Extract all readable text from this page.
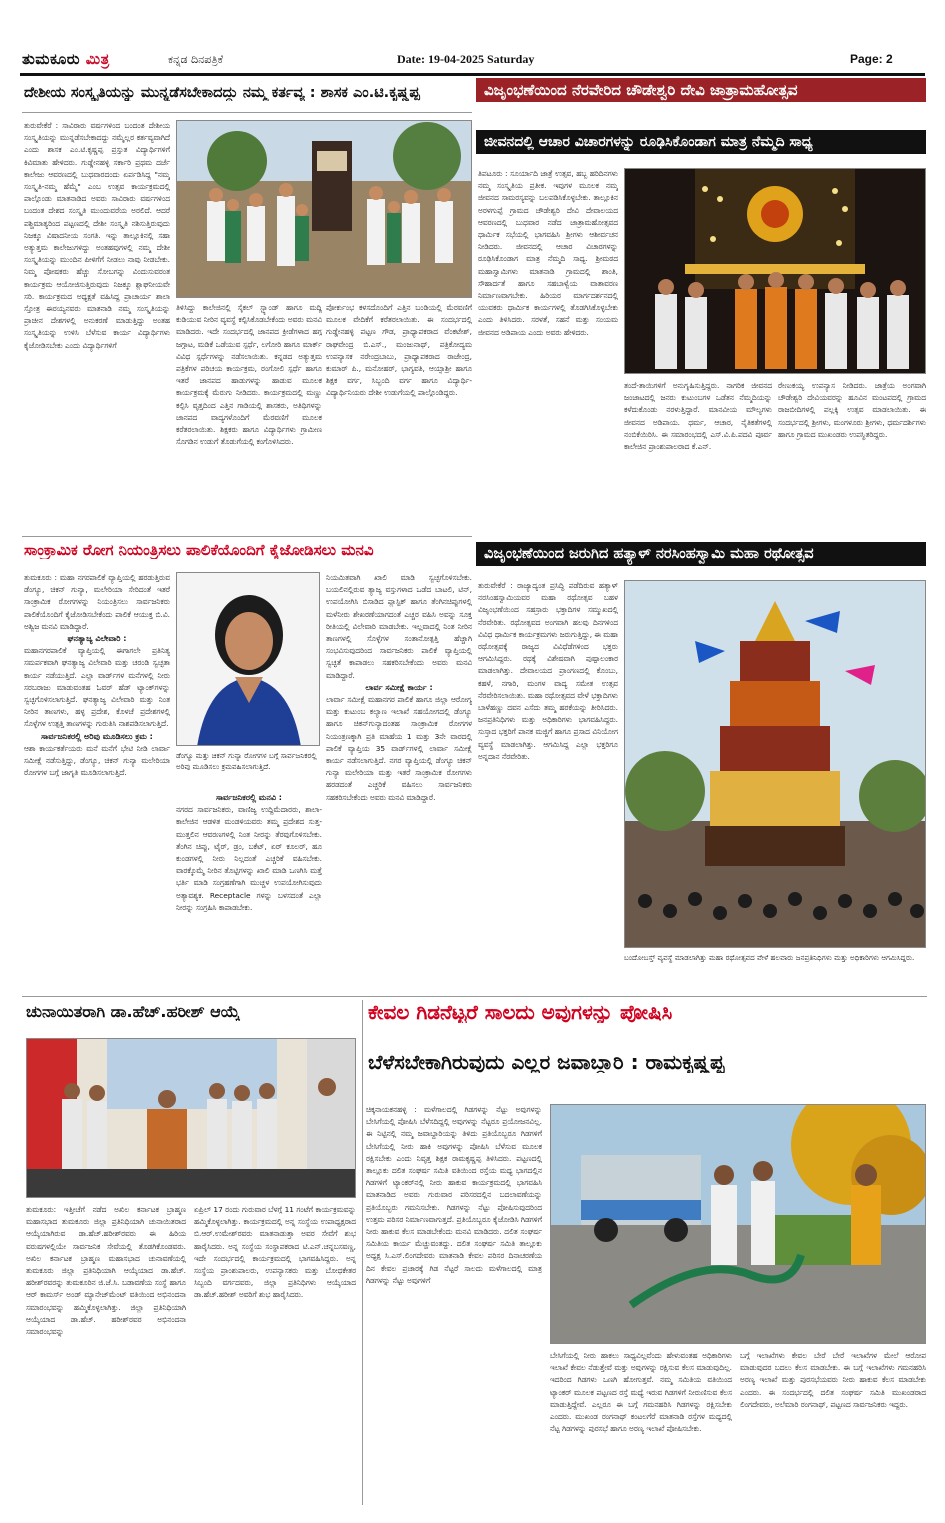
ತುಮಕೂರು ಮಿತ್ರ	ಕನ್ನಡ ದಿನಪತ್ರಿಕೆ	Date: 19-04-2025 Saturday	Page: 2
ದೇಶೀಯ ಸಂಸ್ಕೃತಿಯನ್ನು ಮುನ್ನಡೆಸಬೇಕಾದದ್ದು ನಮ್ಮ ಕರ್ತವ್ಯ : ಶಾಸಕ ಎಂ.ಟಿ.ಕೃಷ್ಣಪ್ಪ
ತುರುವೇಕೆರೆ : ಸಾವಿರಾರು ವರ್ಷಗಳಿಂದ ಬಂದಂತ ದೇಶೀಯ ಸಂಸ್ಕೃತಿಯನ್ನು ಮುನ್ನಡೆಸಬೇಕಾದದ್ದು ನಮ್ಮೆಲ್ಲರ ಕರ್ತವ್ಯವಾಗಿದೆ ಎಂದು ಶಾಸಕ ಎಂ.ಟಿ.ಕೃಷ್ಣಪ್ಪ ಪ್ರಸ್ತುತ ವಿದ್ಯಾರ್ಥಿಗಳಿಗೆ ಕಿವಿಮಾತು ಹೇಳಿದರು. ಗುಡ್ಡೇನಹಳ್ಳಿ ಸರ್ಕಾರಿ ಪ್ರಥಮ ದರ್ಜೆ ಕಾಲೇಜು ಆವರಣದಲ್ಲಿ ಬುಧವಾರದಂದು ಏರ್ಪಡಿಸಿದ್ದ "ನಮ್ಮ ಸಂಸ್ಕೃತಿ-ನಮ್ಮ ಹೆಮ್ಮೆ" ಎಂಬ ಉತ್ಸವ ಕಾರ್ಯಕ್ರಮದಲ್ಲಿ ಪಾಲ್ಗೊಂಡು ಮಾತನಾಡಿದ ಅವರು ಸಾವಿರಾರು ವರ್ಷಗಳಿಂದ ಬಂದಂತ ದೇಶದ ಸಂಸ್ಕೃತಿ ಮುಂದುವರೆಯ ಅರಲಿದೆ. ಆದರೆ ಪಶ್ಚಿಮಾತ್ಯರಿಂದ ಪಟ್ಟಣದಲ್ಲಿ ದೇಶೀ ಸಂಸ್ಕೃತಿ ನಶಿಸುತ್ತಿರುವುದು ನಿಜಕ್ಕೂ ವಿಷಾದನೀಯ ಸಂಗತಿ. ಇನ್ನು ತಾಲ್ಲೂಕಿನಲ್ಲಿ ಸಹಾ ಅತ್ಯುತ್ತಮ ಕಾಲೇಜುಗಳಿದ್ದು ಅಂತಹವುಗಳಲ್ಲಿ ನಮ್ಮ ದೇಶೀ ಸಂಸ್ಕೃತಿಯನ್ನು ಮುಂದಿನ ಪೀಳಿಗೆಗೆ ನೀಡಲು ನಾವು ನೀಡಬೇಕು. ನಿಮ್ಮ ಪೋಷಕರು ಹೆಚ್ಚು ಸೋಬಗನ್ನು ವಿಂದುಸುವರಂತ ಕಾರ್ಯಕ್ರಮ ಆಯೋಜಿಸುತ್ತಿರುವುದು ನಿಜಕ್ಕೂ ಶ್ಲಾಘನೀಯವೇ ಸರಿ. ಕಾರ್ಯಕ್ರಮದ ಅಧ್ಯಕ್ಷತೆ ವಹಿಸಿದ್ದ ಪ್ರಾಚಾರ್ಯ ಶಾಲಾ ಸ್ತೋತ್ರ ಈರಯ್ಯನವರು ಮಾತನಾಡಿ ನಮ್ಮ ಸಂಸ್ಕೃತಿಯನ್ನು ಪ್ರಾಚೀನ ದೇಶಗಳಲ್ಲಿ ಅನುಕರಣೆ ಮಾಡುತ್ತಿದ್ದು ಅಂತಹ ಸಂಸ್ಕೃತಿಯನ್ನು ಉಳಿಸಿ ಬೆಳೆಸುವ ಕಾರ್ಯ ವಿದ್ಯಾರ್ಥಿಗಳು ಕೈಜೋಡಿಸಬೇಕು ಎಂದು ವಿದ್ಯಾರ್ಥಿಗಳಿಗೆ
ತಿಳಿಸಿದ್ದು ಕಾಲೇಜಿನಲ್ಲಿ ಸೈಕಲ್ ಸ್ಟ್ಯಾಂಡ್ ಹಾಗೂ ಮದ್ದಿ ಕುಡಿಯುವ ನೀರಿನ ವ್ಯವಸ್ಥೆ ಕಲ್ಪಿಸಿಕೊಡಬೇಕೆಂದು ಅವರು ಮನವಿ ಮಾಡಿದರು. ಇದೇ ಸಂದರ್ಭದಲ್ಲಿ ಜಾನಪದ ಕ್ರೀಡೆಗಳಾದ ಹಗ್ಗ ಜಗ್ಗಾಟ, ಮಡಿಕೆ ಒಡೆಯುವ ಸ್ಪರ್ಧೆ, ಲಗೋರಿ ಹಾಗೂ ಮಾರ್ಕ್ ವಿವಿಧ ಸ್ಪರ್ಧೆಗಳನ್ನು ನಡೆಸಲಾಯಿತು. ಕನ್ನಡದ ಅತ್ಯುತ್ತಮ ಪತ್ರಿಕೆಗಳ ಪರಿಚಯ ಕಾರ್ಯಕ್ರಮ, ರಂಗೋಲಿ ಸ್ಪರ್ಧೆ ಹಾಗೂ ಇತರೆ ಜಾನಪದ ಹಾಡುಗಳನ್ನು ಹಾಡುವ ಮೂಲಕ ಕಾರ್ಯಕ್ರಮಕ್ಕೆ ಮೆರುಗು ನೀಡಿದರು. ಕಾರ್ಯಕ್ರಮದಲ್ಲಿ ಮಣ್ಣು ಕಲ್ಪಿಸಿ ವೃತ್ತದಿಂದ ಎತ್ತಿನ ಗಾಡಿಯಲ್ಲಿ ಶಾಸಕರು, ಅತಿಥಿಗಳನ್ನು ಜಾನಪದ ವಾದ್ಯಗಳೊಂದಿಗೆ ಮೆರವಣಿಗೆ ಮೂಲಕ ಕರೆತರಲಾಯಿತು. ಶಿಕ್ಷಕರು ಹಾಗೂ ವಿದ್ಯಾರ್ಥಿಗಳು ಗ್ರಾಮೀಣ ಸೊಗಡಿನ ಉಡುಗೆ ತೊಡುಗೆಯಲ್ಲಿ ಕಂಗೊಳಿಸಿದರು.
ಪೋರ್ಕುಂಭ ಕಳಸದೊಂದಿಗೆ ಎತ್ತಿನ ಬಂಡಿಯಲ್ಲಿ ಮೆರವಣಿಗೆ ಮೂಲಕ ವೇದಿಕೆಗೆ ಕರೆತರಲಾಯಿತು. ಈ ಸಂದರ್ಭದಲ್ಲಿ ಗುಡ್ಡೇನಹಳ್ಳಿ ಪಟ್ಟಣ ಗೌಡ, ಪ್ರಾಧ್ಯಾಪಕರಾದ ವೆಂಕಟೇಶ್, ರಾಘವೇಂದ್ರ ಬಿ.ಎಸ್., ಮಂಜುನಾಥ್, ಪತ್ರಿಕೋದ್ಯಮ ಉಪನ್ಯಾಸಕ ನರೇಂದ್ರಬಾಬು, ಪ್ರಾಧ್ಯಾಪಕರಾದ ರಾಜೇಂದ್ರ, ಕುಮಾರ್ ಪಿ., ಮನೋಹರ್, ಭಾಗ್ಯವತಿ, ಆಯ್ಸಾಶ್ರೀ ಹಾಗೂ ಶಿಕ್ಷಕ ವರ್ಗ, ಸಿಬ್ಬಂದಿ ವರ್ಗ ಹಾಗೂ ವಿದ್ಯಾರ್ಥಿ-ವಿದ್ಯಾರ್ಥಿನಿಯರು ದೇಶೀ ಉಡುಗೆಯಲ್ಲಿ ಪಾಲ್ಗೊಂಡಿದ್ದರು.
ವಿಜೃಂಭಣೆಯಿಂದ ನೆರವೇರಿದ ಚೌಡೇಶ್ವರಿ ದೇವಿ ಜಾತ್ರಾಮಹೋತ್ಸವ
ಜೀವನದಲ್ಲಿ ಆಚಾರ ವಿಚಾರಗಳನ್ನು ರೂಢಿಸಿಕೊಂಡಾಗ ಮಾತ್ರ ನೆಮ್ಮದಿ ಸಾಧ್ಯ
ತಿಪಟೂರು : ಸೂರ್ಯಾದಿ ಜಾತ್ರೆ ಉತ್ಸವ, ಹಬ್ಬ ಹರಿದಿನಗಳು ನಮ್ಮ ಸಂಸ್ಕೃತಿಯ ಪ್ರತೀಕ. ಇವುಗಳ ಮೂಲಕ ನಮ್ಮ ಜೀವನದ ಸಾಮರಸ್ಯವನ್ನು ಬಲಪಡಿಸಿಕೊಳ್ಳಬೇಕು. ತಾಲ್ಲೂಕಿನ ಅರಳಗುಪ್ಪೆ ಗ್ರಾಮದ ಚೌಡೇಶ್ವರಿ ದೇವಿ ದೇವಾಲಯದ ಆವರಣದಲ್ಲಿ ಬುಧವಾರ ನಡೆದ ಜಾತ್ರಾಮಹೋತ್ಸವದ ಧಾರ್ಮಿಕ ಸಭೆಯಲ್ಲಿ ಭಾಗವಹಿಸಿ ಶ್ರೀಗಳು ಆಶೀರ್ವಚನ ನೀಡಿದರು. ಜೀವನದಲ್ಲಿ ಆಚಾರ ವಿಚಾರಗಳನ್ನು ರೂಢಿಸಿಕೊಂಡಾಗ ಮಾತ್ರ ನೆಮ್ಮದಿ ಸಾಧ್ಯ. ಶ್ರೀಮಠದ ಮಹಾಸ್ವಾಮಿಗಳು ಮಾತನಾಡಿ ಗ್ರಾಮದಲ್ಲಿ ಶಾಂತಿ, ಸೌಹಾರ್ದತೆ ಹಾಗೂ ಸಹಬಾಳ್ವೆಯ ವಾತಾವರಣ ನಿರ್ಮಾಣವಾಗಬೇಕು. ಹಿರಿಯರ ಮಾರ್ಗದರ್ಶನದಲ್ಲಿ ಯುವಕರು ಧಾರ್ಮಿಕ ಕಾರ್ಯಗಳಲ್ಲಿ ತೊಡಗಿಸಿಕೊಳ್ಳಬೇಕು ಎಂದು ತಿಳಿಸಿದರು. ಸರಳತೆ, ಸಹನೆ ಮತ್ತು ಸಂಯಮ ಜೀವನದ ಅಡಿಪಾಯ ಎಂದು ಅವರು ಹೇಳಿದರು.
ತಂದೆ-ತಾಯಿಗಳಿಗೆ ಅನುಗೃಹಿಸುತ್ತಿದ್ದರು. ನಾಗರಿಕ ಜೀವನದ ಜಂಜಾಟದಲ್ಲಿ ಜನರು ಕುಟುಂಬಗಳ ಒಡೆತನ ನೆಮ್ಮದಿಯನ್ನು ಕಳೆದುಕೊಂಡು ನರಳುತ್ತಿದ್ದಾರೆ. ಮಾನವೀಯ ಮೌಲ್ಯಗಳು ಜೀವನದ ಅಡಿಪಾಯ. ಧರ್ಮ, ಆಚಾರ, ನೈತಿಕತೆಗಳಲ್ಲಿ ನಂಬಿಕೆಯಿರಿಸಿ. ಈ ಸಮಾರಂಭದಲ್ಲಿ ಎಸ್.ವಿ.ಪಿ.ಪದವಿ ಪೂರ್ವ ಕಾಲೇಜಿನ ಪ್ರಾಂಶುಪಾಲರಾದ ಕೆ.ಎನ್.
ರೇಣುಕಯ್ಯ ಉಪನ್ಯಾಸ ನೀಡಿದರು. ಜಾತ್ರೆಯ ಅಂಗವಾಗಿ ಚೌಡೇಶ್ವರಿ ದೇವಿಯವರನ್ನು ಹೂವಿನ ಮಂಟಪದಲ್ಲಿ ಗ್ರಾಮದ ರಾಜಬೀದಿಗಳಲ್ಲಿ ಪಲ್ಲಕ್ಕಿ ಉತ್ಸವ ಮಾಡಲಾಯಿತು. ಈ ಸಂದರ್ಭದಲ್ಲಿ ಶ್ರೀಗಳು, ಮಂಗಳೂರು ಶ್ರೀಗಳು, ಧರ್ಮದರ್ಶಿಗಳು ಹಾಗೂ ಗ್ರಾಮದ ಮುಖಂಡರು ಉಪಸ್ಥಿತರಿದ್ದರು.
ಸಾಂಕ್ರಾಮಿಕ ರೋಗ ನಿಯಂತ್ರಿಸಲು ಪಾಲಿಕೆಯೊಂದಿಗೆ ಕೈಜೋಡಿಸಲು ಮನವಿ

ತುಮಕೂರು : ಮಹಾ ನಗರಪಾಲಿಕೆ ವ್ಯಾಪ್ತಿಯಲ್ಲಿ ಹರಡುತ್ತಿರುವ ಡೆಂಗ್ಯೂ, ಚಿಕನ್ ಗುನ್ಯಾ, ಮಲೇರಿಯಾ ಸೇರಿದಂತೆ ಇತರೆ ಸಾಂಕ್ರಾಮಿಕ ರೋಗಗಳನ್ನು ನಿಯಂತ್ರಿಸಲು ಸಾರ್ವಜನಿಕರು ಪಾಲಿಕೆಯೊಂದಿಗೆ ಕೈಜೋಡಿಸಬೇಕೆಂದು ಪಾಲಿಕೆ ಆಯುಕ್ತ ಬಿ.ವಿ. ಅಶ್ವಿಜ ಮನವಿ ಮಾಡಿದ್ದಾರೆ.

ಘನತ್ಯಾಜ್ಯ ವಿಲೇವಾರಿ :

ಮಹಾನಗರಪಾಲಿಕೆ ವ್ಯಾಪ್ತಿಯಲ್ಲಿ ಈಗಾಗಲೇ ಪ್ರತಿನಿತ್ಯ ಸಮರ್ಪಕವಾಗಿ ಘನತ್ಯಾಜ್ಯ ವಿಲೇವಾರಿ ಮತ್ತು ಚರಂಡಿ ಸ್ವಚ್ಛತಾ ಕಾರ್ಯ ನಡೆಯುತ್ತಿದೆ. ಎಲ್ಲಾ ವಾರ್ಡ್‌ಗಳ ಮನೆಗಳಲ್ಲಿ ನೀರು ಸರಬರಾಜು ಮಾಡುವಂತಹ ಓವರ್ ಹೆಡ್ ಟ್ಯಾಂಕ್‌ಗಳನ್ನು ಸ್ವಚ್ಛಗೊಳಿಸಲಾಗುತ್ತಿದೆ. ಘನತ್ಯಾಜ್ಯ ವಿಲೇವಾರಿ ಮತ್ತು ನಿಂತ ನೀರಿನ ತಾಣಗಳು, ಹಳ್ಳ ಪ್ರದೇಶ, ಕೊಳಚೆ ಪ್ರದೇಶಗಳಲ್ಲಿ ಸೊಳ್ಳೆಗಳ ಉತ್ಪತ್ತಿ ತಾಣಗಳನ್ನು ಗುರುತಿಸಿ ನಾಶಪಡಿಸಲಾಗುತ್ತಿದೆ.

ಸಾರ್ವಜನಿಕರಲ್ಲಿ ಅರಿವು ಮೂಡಿಸಲು ಕ್ರಮ :

ಆಶಾ ಕಾರ್ಯಕರ್ತೆಯರು ಮನೆ ಮನೆಗೆ ಭೇಟಿ ನೀಡಿ ಲಾರ್ವಾ ಸಮೀಕ್ಷೆ ನಡೆಸುತ್ತಿದ್ದು, ಡೆಂಗ್ಯೂ, ಚಿಕನ್ ಗುನ್ಯಾ ಮಲೇರಿಯಾ ರೋಗಗಳ ಬಗ್ಗೆ ಜಾಗೃತಿ ಮೂಡಿಸಲಾಗುತ್ತಿದೆ.

ಡೆಂಗ್ಯೂ ಮತ್ತು ಚಿಕನ್ ಗುನ್ಯಾ ರೋಗಗಳ ಬಗ್ಗೆ ಸಾರ್ವಜನಿಕರಲ್ಲಿ ಅರಿವು ಮೂಡಿಸಲು ಕ್ರಮವಹಿಸಲಾಗುತ್ತಿದೆ.

ಸಾರ್ವಜನಿಕರಲ್ಲಿ ಮನವಿ :

ನಗರದ ಸಾರ್ವಜನಿಕರು, ವಾಣಿಜ್ಯ ಉದ್ದಿಮೆದಾರರು, ಶಾಲಾ-ಕಾಲೇಜಿನ ಆಡಳಿತ ಮಂಡಳಿಯವರು ತಮ್ಮ ಪ್ರದೇಶದ ಸುತ್ತ-ಮುತ್ತಲಿನ ಆವರಣಗಳಲ್ಲಿ ನಿಂತ ನೀರನ್ನು ತೆರವುಗೊಳಿಸಬೇಕು. ತೆಂಗಿನ ಚಿಪ್ಪು, ಟೈರ್, ಡ್ರಂ, ಬಕೆಟ್, ಏರ್ ಕೂಲರ್, ಹೂ ಕುಂಡಗಳಲ್ಲಿ ನೀರು ನಿಲ್ಲದಂತೆ ಎಚ್ಚರಿಕೆ ವಹಿಸಬೇಕು. ವಾರಕ್ಕೊಮ್ಮೆ ನೀರಿನ ತೊಟ್ಟಿಗಳನ್ನು ಖಾಲಿ ಮಾಡಿ ಒಣಗಿಸಿ ಮತ್ತೆ ಭರ್ತಿ ಮಾಡಿ ಸಂಗ್ರಹಣೆಗಾಗಿ ಮುಚ್ಚಳ ಉಪಯೋಗಿಸುವುದು ಅತ್ಯಾವಶ್ಯಕ. Receptacle ಗಳನ್ನು ಬಳಸದಂತೆ ಎಲ್ಲಾ ನೀರನ್ನು ಸಂಗ್ರಹಿಸಿ ಕಾಪಾಡಬೇಕು.

ನಿಯಮಿತವಾಗಿ ಖಾಲಿ ಮಾಡಿ ಸ್ವಚ್ಛಗೊಳಿಸಬೇಕು. ಬಯಲಿನಲ್ಲಿರುವ ತ್ಯಾಜ್ಯ ವಸ್ತುಗಳಾದ ಒಡೆದ ಬಾಟಲಿ, ಟಿನ್, ಉಪಯೋಗಿಸಿ ಬಿಸಾಡಿದ ಪ್ಲಾಸ್ಟಿಕ್ ಹಾಗೂ ತೆಂಗಿನಚಿಪ್ಪುಗಳಲ್ಲಿ ಮಳೆನೀರು ಶೇಖರಣೆಯಾಗದಂತೆ ಎಚ್ಚರ ವಹಿಸಿ ಅವನ್ನು ಸೂಕ್ತ ರೀತಿಯಲ್ಲಿ ವಿಲೇವಾರಿ ಮಾಡಬೇಕು. ಇಲ್ಲವಾದಲ್ಲಿ ನಿಂತ ನೀರಿನ ತಾಣಗಳಲ್ಲಿ ಸೊಳ್ಳೆಗಳ ಸಂತಾನೋತ್ಪತ್ತಿ ಹೆಚ್ಚಾಗಿ ಸಂಭವಿಸುವುದರಿಂದ ಸಾರ್ವಜನಿಕರು ಪಾಲಿಕೆ ವ್ಯಾಪ್ತಿಯಲ್ಲಿ ಸ್ವಚ್ಛತೆ ಕಾಪಾಡಲು ಸಹಕರಿಸಬೇಕೆಂದು ಅವರು ಮನವಿ ಮಾಡಿದ್ದಾರೆ.

ಲಾರ್ವ ಸಮೀಕ್ಷೆ ಕಾರ್ಯ :

ಲಾರ್ವಾ ಸಮೀಕ್ಷೆ ಮಹಾನಗರ ಪಾಲಿಕೆ ಹಾಗೂ ಜಿಲ್ಲಾ ಆರೋಗ್ಯ ಮತ್ತು ಕುಟುಂಬ ಕಲ್ಯಾಣ ಇಲಾಖೆ ಸಹಯೋಗದಲ್ಲಿ ಡೆಂಗ್ಯೂ ಹಾಗೂ ಚಿಕನ್‌ಗುನ್ಯಾದಂತಹ ಸಾಂಕ್ರಾಮಿಕ ರೋಗಗಳ ನಿಯಂತ್ರಣಕ್ಕಾಗಿ ಪ್ರತಿ ಮಾಹೆಯ 1 ಮತ್ತು 3ನೇ ವಾರದಲ್ಲಿ ಪಾಲಿಕೆ ವ್ಯಾಪ್ತಿಯ 35 ವಾರ್ಡ್‌ಗಳಲ್ಲಿ ಲಾರ್ವಾ ಸಮೀಕ್ಷೆ ಕಾರ್ಯ ನಡೆಸಲಾಗುತ್ತಿದೆ. ನಗರ ವ್ಯಾಪ್ತಿಯಲ್ಲಿ ಡೆಂಗ್ಯೂ ಚಿಕನ್ ಗುನ್ಯಾ ಮಲೇರಿಯಾ ಮತ್ತು ಇತರೆ ಸಾಂಕ್ರಾಮಿಕ ರೋಗಗಳು ಹರಡದಂತೆ ಎಚ್ಚರಿಕೆ ವಹಿಸಲು ಸಾರ್ವಜನಿಕರು ಸಹಕರಿಸಬೇಕೆಂದು ಅವರು ಮನವಿ ಮಾಡಿದ್ದಾರೆ.

ವಿಜೃಂಭಣೆಯಿಂದ ಜರುಗಿದ ಹತ್ಯಾಳ್ ನರಸಿಂಹಸ್ವಾಮಿ ಮಹಾ ರಥೋತ್ಸವ
ತುರುವೇಕೆರೆ : ರಾಜ್ಯಾದ್ಯಂತ ಪ್ರಸಿದ್ಧಿ ಪಡೆದಿರುವ ಹತ್ಯಾಳ್ ನರಸಿಂಹಸ್ವಾಮಿಯವರ ಮಹಾ ರಥೋತ್ಸವ ಬಹಳ ವಿಜೃಂಭಣೆಯಿಂದ ಸಹಸ್ರಾರು ಭಕ್ತಾದಿಗಳ ಸಮ್ಮುಖದಲ್ಲಿ ನೆರವೇರಿತು. ರಥೋತ್ಸವದ ಅಂಗವಾಗಿ ಹಲವು ದಿನಗಳಿಂದ ವಿವಿಧ ಧಾರ್ಮಿಕ ಕಾರ್ಯಕ್ರಮಗಳು ಜರುಗುತ್ತಿದ್ದು, ಈ ಮಹಾ ರಥೋತ್ಸವಕ್ಕೆ ರಾಜ್ಯದ ವಿವಿಧೆಡೆಗಳಿಂದ ಭಕ್ತರು ಆಗಮಿಸಿದ್ದರು. ರಥಕ್ಕೆ ವಿಶೇಷವಾಗಿ ಪುಷ್ಪಾಲಂಕಾರ ಮಾಡಲಾಗಿತ್ತು. ದೇವಾಲಯದ ಪ್ರಾಂಗಣದಲ್ಲಿ ಕೊಂಬು, ಕಹಳೆ, ನಗಾರಿ, ಮಂಗಳ ವಾದ್ಯ ಸಮೇತ ಉತ್ಸವ ನೆರವೇರಿಸಲಾಯಿತು. ಮಹಾ ರಥೋತ್ಸವದ ವೇಳೆ ಭಕ್ತಾದಿಗಳು ಬಾಳೆಹಣ್ಣು ದವನ ಎಸೆದು ತಮ್ಮ ಹರಕೆಯನ್ನು ತೀರಿಸಿದರು. ಜನಪ್ರತಿನಿಧಿಗಳು ಮತ್ತು ಅಧಿಕಾರಿಗಳು ಭಾಗವಹಿಸಿದ್ದರು. ಸುಸ್ತಾದ ಭಕ್ತರಿಗೆ ಪಾನಕ ಮಜ್ಜಿಗೆ ಹಾಗೂ ಪ್ರಸಾದ ವಿನಿಯೋಗ ವ್ಯವಸ್ಥೆ ಮಾಡಲಾಗಿತ್ತು. ಆಗಮಿಸಿದ್ದ ಎಲ್ಲಾ ಭಕ್ತರಿಗೂ ಅನ್ನದಾನ ನೆರವೇರಿತು.
ಬಂದೋಬಸ್ತ್ ವ್ಯವಸ್ಥೆ ಮಾಡಲಾಗಿತ್ತು ಮಹಾ ರಥೋತ್ಸವದ ವೇಳೆ ಹಲವಾರು ಜನಪ್ರತಿನಿಧಿಗಳು ಮತ್ತು ಅಧಿಕಾರಿಗಳು ಆಗಮಿಸಿದ್ದರು.
ಚುನಾಯಿತರಾಗಿ ಡಾ.ಹೆಚ್.ಹರೀಶ್ ಆಯ್ಕೆ
ತುಮಕೂರು: ಇತ್ತೀಚೆಗೆ ನಡೆದ ಅಖಿಲ ಕರ್ನಾಟಕ ಬ್ರಾಹ್ಮಣ ಮಹಾಸಭಾದ ತುಮಕೂರು ಜಿಲ್ಲಾ ಪ್ರತಿನಿಧಿಯಾಗಿ ಚುನಾಯಿತರಾದ ಆಯ್ಕೆಯಾಗಿರುವ ಡಾ.ಹೆಚ್.ಹರೀಶ್‌ರವರು ಈ ಹಿರಿಯ ವರುಷಗಳಲ್ಲಿಯೇ ಸಾರ್ವಜನಿಕ ಸೇವೆಯಲ್ಲಿ ತೊಡಗಿಕೊಂಡವರು. ಅಖಿಲ ಕರ್ನಾಟಕ ಬ್ರಾಹ್ಮಣ ಮಹಾಸಭಾದ ಚುನಾವಣೆಯಲ್ಲಿ ತುಮಕೂರು ಜಿಲ್ಲಾ ಪ್ರತಿನಿಧಿಯಾಗಿ ಆಯ್ಕೆಯಾದ ಡಾ.ಹೆಚ್. ಹರೀಶ್‌ರವರನ್ನು ತುಮಕೂರಿನ ಜಿ.ಜೆ.ಸಿ. ಬಡಾವಣೆಯ ಸಂಸ್ಥೆ ಹಾಗೂ ಆರ್ ಕಾಮರ್ಸ್ ಅಂಡ್ ಮ್ಯಾನೇಜ್‌ಮೆಂಟ್ ವತಿಯಿಂದ ಅಭಿನಂದನಾ ಸಮಾರಂಭವನ್ನು ಹಮ್ಮಿಕೊಳ್ಳಲಾಗಿತ್ತು. ಜಿಲ್ಲಾ ಪ್ರತಿನಿಧಿಯಾಗಿ ಆಯ್ಕೆಯಾದ ಡಾ.ಹೆಚ್. ಹರೀಶ್‌ರವರ ಅಭಿನಂದನಾ ಸಮಾರಂಭವನ್ನು
ಏಪ್ರಿಲ್ 17 ರಂದು ಗುರುವಾರ ಬೆಳಗ್ಗೆ 11 ಗಂಟೆಗೆ ಕಾರ್ಯಕ್ರಮವನ್ನು ಹಮ್ಮಿಕೊಳ್ಳಲಾಗಿತ್ತು. ಕಾರ್ಯಕ್ರಮದಲ್ಲಿ ಅನ್ನ ಸಂಸ್ಥೆಯ ಉಪಾಧ್ಯಕ್ಷರಾದ ಬಿ.ಆರ್.ಉಮೇಶ್‌ರವರು ಮಾತನಾಡುತ್ತಾ ಅವರ ಸೇವೆಗೆ ಶುಭ ಹಾರೈಸಿದರು. ಅನ್ನ ಸಂಸ್ಥೆಯ ಸಂಸ್ಥಾಪಕರಾದ ಟಿ.ಎನ್.ಚನ್ನಬಸವಣ್ಣ, ಇದೇ ಸಂದರ್ಭದಲ್ಲಿ ಕಾರ್ಯಕ್ರಮದಲ್ಲಿ ಭಾಗವಹಿಸಿದ್ದರು. ಅನ್ನ ಸಂಸ್ಥೆಯ ಪ್ರಾಂಶುಪಾಲರು, ಉಪನ್ಯಾಸಕರು ಮತ್ತು ಬೋಧಕೇತರ ಸಿಬ್ಬಂದಿ ವರ್ಗದವರು, ಜಿಲ್ಲಾ ಪ್ರತಿನಿಧಿಗಳು ಆಯ್ಕೆಯಾದ ಡಾ.ಹೆಚ್.ಹರೀಶ್ ಅವರಿಗೆ ಶುಭ ಹಾರೈಸಿದರು.
ಕೇವಲ ಗಿಡನೆಟ್ಟರೆ ಸಾಲದು ಅವುಗಳನ್ನು ಪೋಷಿಸಿ
ಬೆಳೆಸಬೇಕಾಗಿರುವುದು ಎಲ್ಲರ ಜವಾಬ್ದಾರಿ : ರಾಮಕೃಷ್ಣಪ್ಪ
ಚಿಕ್ಕನಾಯಕನಹಳ್ಳಿ : ಮಳೆಗಾಲದಲ್ಲಿ ಗಿಡಗಳನ್ನು ನೆಟ್ಟು ಅವುಗಳನ್ನು ಬೇಸಿಗೆಯಲ್ಲಿ ಪೋಷಿಸಿ ಬೆಳೆಸದಿದ್ದಲ್ಲಿ ಅವುಗಳನ್ನು ನೆಟ್ಟರೂ ಪ್ರಯೋಜನವಿಲ್ಲ. ಈ ನಿಟ್ಟಿನಲ್ಲಿ ನಮ್ಮ ಜವಾಬ್ದಾರಿಯನ್ನು ತಿಳಿದು ಪ್ರತಿಯೊಬ್ಬರೂ ಗಿಡಗಳಿಗೆ ಬೇಸಿಗೆಯಲ್ಲಿ ನೀರು ಹಾಕಿ ಅವುಗಳನ್ನು ಪೋಷಿಸಿ ಬೆಳೆಸುವ ಮೂಲಕ ರಕ್ಷಿಸಬೇಕು ಎಂದು ನಿವೃತ್ತ ಶಿಕ್ಷಕ ರಾಮಕೃಷ್ಣಪ್ಪ ತಿಳಿಸಿದರು. ಪಟ್ಟಣದಲ್ಲಿ ತಾಲ್ಲೂಕು ದಲಿತ ಸಂಘರ್ಷ ಸಮಿತಿ ವತಿಯಿಂದ ರಸ್ತೆಯ ಮಧ್ಯ ಭಾಗದಲ್ಲಿನ ಗಿಡಗಳಿಗೆ ಟ್ಯಾಂಕರ್‌ನಲ್ಲಿ ನೀರು ಹಾಕುವ ಕಾರ್ಯಕ್ರಮದಲ್ಲಿ ಭಾಗವಹಿಸಿ ಮಾತನಾಡಿದ ಅವರು ಗುರುವಾರ ಪರಿಸರದಲ್ಲಿನ ಬದಲಾವಣೆಯನ್ನು ಪ್ರತಿಯೊಬ್ಬರು ಗಮನಿಸಬೇಕು. ಗಿಡಗಳನ್ನು ನೆಟ್ಟು ಪೋಷಿಸುವುದರಿಂದ ಉತ್ತಮ ಪರಿಸರ ನಿರ್ಮಾಣವಾಗುತ್ತದೆ. ಪ್ರತಿಯೊಬ್ಬರೂ ಕೈಜೋಡಿಸಿ ಗಿಡಗಳಿಗೆ ನೀರು ಹಾಕುವ ಕೆಲಸ ಮಾಡಬೇಕೆಂದು ಮನವಿ ಮಾಡಿದರು. ದಲಿತ ಸಂಘರ್ಷ ಸಮಿತಿಯ ಕಾರ್ಯ ಮೆಚ್ಚುವಂತದ್ದು. ದಲಿತ ಸಂಘರ್ಷ ಸಮಿತಿ ತಾಲ್ಲೂಕು ಅಧ್ಯಕ್ಷ ಸಿ.ಎಸ್.ಲಿಂಗದೇವರು ಮಾತನಾಡಿ ಕೇವಲ ಪರಿಸರ ದಿನಾಚರಣೆಯ ದಿನ ಕೇವಲ ಪ್ರಚಾರಕ್ಕೆ ಗಿಡ ನೆಟ್ಟರೆ ಸಾಲದು ಮಳೆಗಾಲದಲ್ಲಿ ಮಾತ್ರ ಗಿಡಗಳನ್ನು ನೆಟ್ಟು ಅವುಗಳಿಗೆ
ಬೇಸಿಗೆಯಲ್ಲಿ ನೀರು ಹಾಕಲು ಸಾಧ್ಯವಿಲ್ಲವೆಂದು ಹೇಳುವಂತಹ ಅಧಿಕಾರಿಗಳು ಇಲಾಖೆ ಕೇವಲ ನೆಡುತ್ತೇವೆ ಮತ್ತು ಅವುಗಳನ್ನು ರಕ್ಷಿಸುವ ಕೆಲಸ ಮಾಡುವುದಿಲ್ಲ. ಇದರಿಂದ ಗಿಡಗಳು ಒಣಗಿ ಹೋಗುತ್ತವೆ. ನಮ್ಮ ಸಮಿತಿಯ ವತಿಯಿಂದ ಟ್ಯಾಂಕರ್ ಮೂಲಕ ಪಟ್ಟಣದ ರಸ್ತೆ ಮಧ್ಯೆ ಇರುವ ಗಿಡಗಳಿಗೆ ನೀರುಣಿಸುವ ಕೆಲಸ ಮಾಡುತ್ತಿದ್ದೇವೆ. ಎಲ್ಲರೂ ಈ ಬಗ್ಗೆ ಗಮನಹರಿಸಿ ಗಿಡಗಳನ್ನು ರಕ್ಷಿಸಬೇಕು ಎಂದರು. ಮುಖಂಡ ರಂಗನಾಥ್ ಕಂಟಲಗೆರೆ ಮಾತನಾಡಿ ರಸ್ತೆಗಳ ಮಧ್ಯದಲ್ಲಿ ನೆಟ್ಟ ಗಿಡಗಳನ್ನು ಪುರಸಭೆ ಹಾಗೂ ಅರಣ್ಯ ಇಲಾಖೆ ಪೋಷಿಸಬೇಕು.
ಬಗ್ಗೆ ಇಲಾಖೆಗಳು ಕೇವಲ ಬೇರೆ ಬೇರೆ ಇಲಾಖೆಗಳ ಮೇಲೆ ಆರೋಪ ಮಾಡುವುದರ ಬದಲು ಕೆಲಸ ಮಾಡಬೇಕು. ಈ ಬಗ್ಗೆ ಇಲಾಖೆಗಳು ಗಮನಹರಿಸಿ ಅರಣ್ಯ ಇಲಾಖೆ ಮತ್ತು ಪುರಸಭೆಯವರು ನೀರು ಹಾಕುವ ಕೆಲಸ ಮಾಡಬೇಕು ಎಂದರು. ಈ ಸಂದರ್ಭದಲ್ಲಿ ದಲಿತ ಸಂಘರ್ಷ ಸಮಿತಿ ಮುಖಂಡರಾದ ಲಿಂಗದೇವರು, ಅಲೆಮಾರಿ ರಂಗನಾಥ್, ಪಟ್ಟಣದ ಸಾರ್ವಜನಿಕರು ಇದ್ದರು.
